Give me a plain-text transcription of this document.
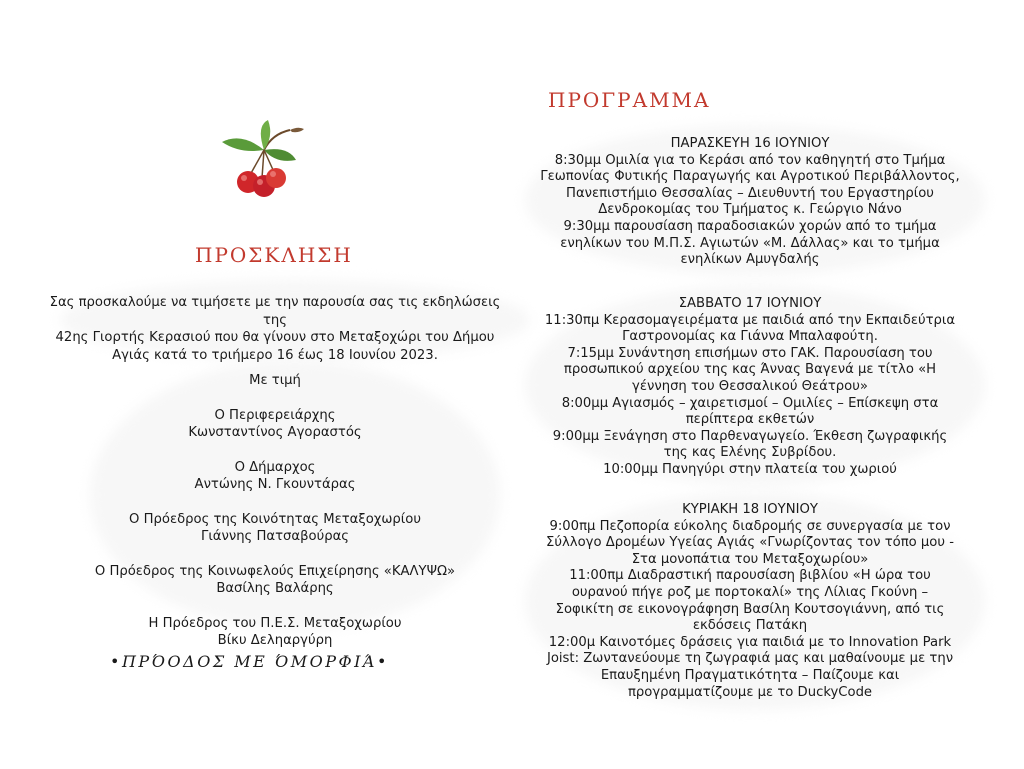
ΠΡΟΣΚΛΗΣΗ
Σας προσκαλούμε να τιμήσετε με την παρουσία σας τις εκδηλώσεις της
42ης Γιορτής Κερασιού που θα γίνουν στο Μεταξοχώρι του Δήμου
Αγιάς κατά το τριήμερο 16 έως 18 Ιουνίου 2023.
Με τιμή
Ο Περιφερειάρχης
Κωνσταντίνος Αγοραστός
Ο Δήμαρχος
Αντώνης Ν. Γκουντάρας
Ο Πρόεδρος της Κοινότητας Μεταξοχωρίου
Γιάννης Πατσαβούρας
Ο Πρόεδρος της Κοινωφελούς Επιχείρησης «ΚΑΛΥΨΩ»
Βασίλης Βαλάρης
Η Πρόεδρος του Π.Ε.Σ. Μεταξοχωρίου
Βίκυ Δεληαργύρη
•ΠΡΌΟΔΟΣ ΜΕ ΌΜΟΡΦΙΆ•
ΠΡΟΓΡΑΜΜΑ
ΠΑΡΑΣΚΕΥΗ 16 ΙΟΥΝΙΟΥ
8:30μμ Ομιλία για το Κεράσι από τον καθηγητή στο Τμήμα
Γεωπονίας Φυτικής Παραγωγής και Αγροτικού Περιβάλλοντος,
Πανεπιστήμιο Θεσσαλίας – Διευθυντή του Εργαστηρίου
Δενδροκομίας του Τμήματος κ. Γεώργιο Νάνο
9:30μμ παρουσίαση παραδοσιακών χορών από το τμήμα
ενηλίκων του Μ.Π.Σ. Αγιωτών «Μ. Δάλλας» και το τμήμα
ενηλίκων Αμυγδαλής
ΣΑΒΒΑΤΟ 17 ΙΟΥΝΙΟΥ
11:30πμ Κερασομαγειρέματα με παιδιά από την Εκπαιδεύτρια
Γαστρονομίας κα Γιάννα Μπαλαφούτη.
7:15μμ Συνάντηση επισήμων στο ΓΑΚ. Παρουσίαση του
προσωπικού αρχείου της κας Άννας Βαγενά με τίτλο «Η
γέννηση του Θεσσαλικού Θεάτρου»
8:00μμ Αγιασμός – χαιρετισμοί – Ομιλίες – Επίσκεψη στα
περίπτερα εκθετών
9:00μμ Ξενάγηση στο Παρθεναγωγείο. Έκθεση ζωγραφικής
της κας Ελένης Συβρίδου.
10:00μμ Πανηγύρι στην πλατεία του χωριού
ΚΥΡΙΑΚΗ 18 ΙΟΥΝΙΟΥ
9:00πμ Πεζοπορία εύκολης διαδρομής σε συνεργασία με τον
Σύλλογο Δρομέων Υγείας Αγιάς «Γνωρίζοντας τον τόπο μου -
Στα μονοπάτια του Μεταξοχωρίου»
11:00πμ Διαδραστική παρουσίαση βιβλίου «Η ώρα του
ουρανού πήγε ροζ με πορτοκαλί» της Λίλιας Γκούνη –
Σοφικίτη σε εικονογράφηση Βασίλη Κουτσογιάννη, από τις
εκδόσεις Πατάκη
12:00μ Καινοτόμες δράσεις για παιδιά με το Innovation Park
Joist: Ζωντανεύουμε τη ζωγραφιά μας και μαθαίνουμε με την
Επαυξημένη Πραγματικότητα – Παίζουμε και
προγραμματίζουμε με το DuckyCode
